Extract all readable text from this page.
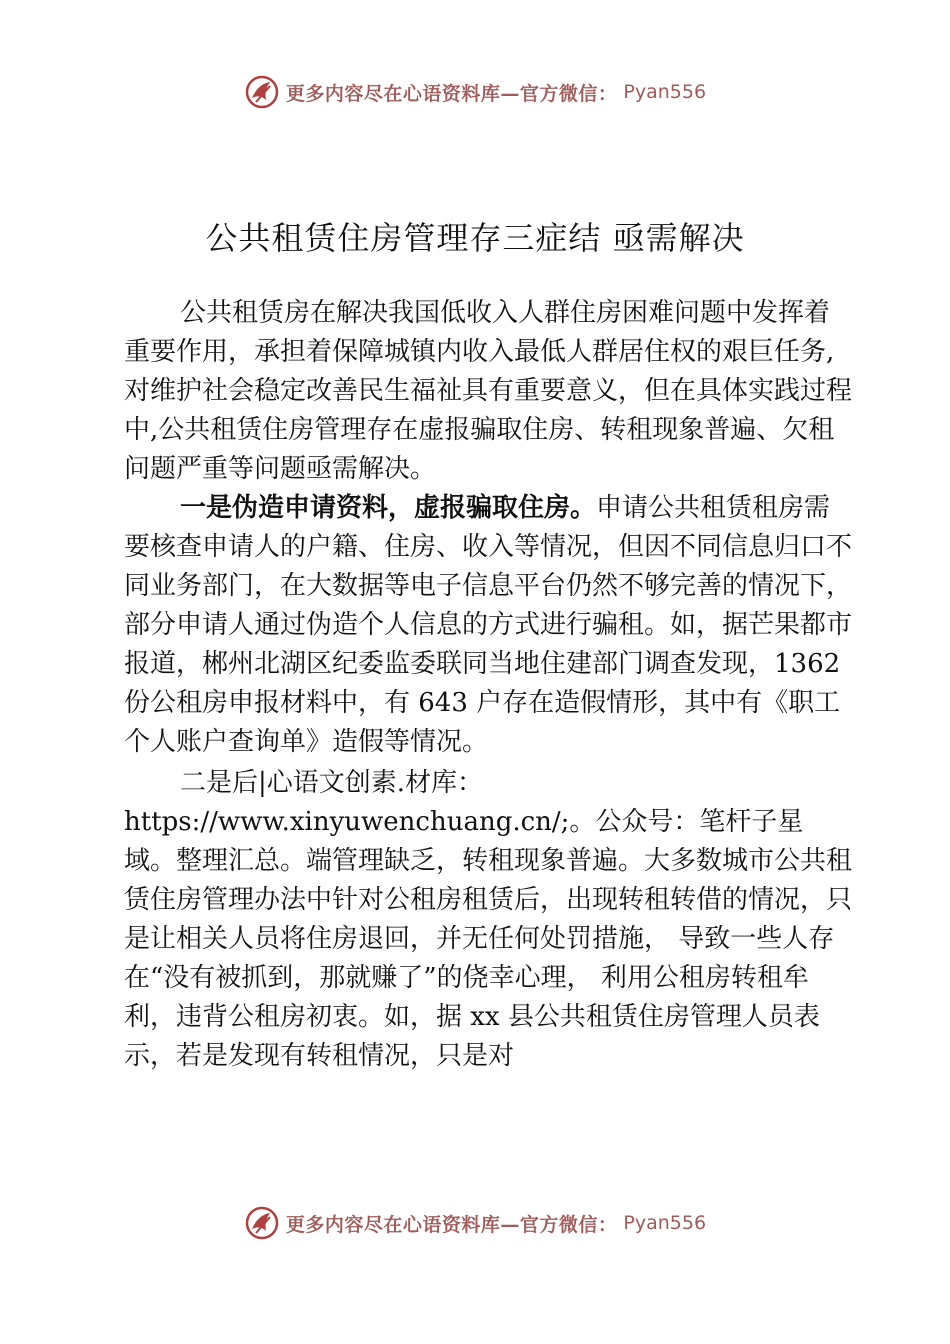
更多内容尽在心语资料库—官方微信： Pyan556
公共租赁住房管理存三症结 亟需解决

公共租赁房在解决我国低收入人群住房困难问题中发挥着重要作用，承担着保障城镇内收入最低人群居住权的艰巨任务,对维护社会稳定改善民生福祉具有重要意义，但在具体实践过程中,公共租赁住房管理存在虚报骗取住房、转租现象普遍、欠租问题严重等问题亟需解决。

一是伪造申请资料，虚报骗取住房。申请公共租赁租房需要核查申请人的户籍、住房、收入等情况，但因不同信息归口不同业务部门，在大数据等电子信息平台仍然不够完善的情况下，部分申请人通过伪造个人信息的方式进行骗租。如，据芒果都市报道，郴州北湖区纪委监委联同当地住建部门调查发现，1362 份公租房申报材料中，有 643 户存在造假情形，其中有《职工个人账户查询单》造假等情况。

二是后|心语文创素.材库：https://www.xinyuwenchuang.cn/;。公众号：笔杆子星域。整理汇总。端管理缺乏，转租现象普遍。大多数城市公共租赁住房管理办法中针对公租房租赁后，出现转租转借的情况，只是让相关人员将住房退回，并无任何处罚措施， 导致一些人存在“没有被抓到，那就赚了”的侥幸心理， 利用公租房转租牟利，违背公租房初衷。如，据 xx 县公共租赁住房管理人员表示，若是发现有转租情况，只是对

更多内容尽在心语资料库—官方微信： Pyan556
